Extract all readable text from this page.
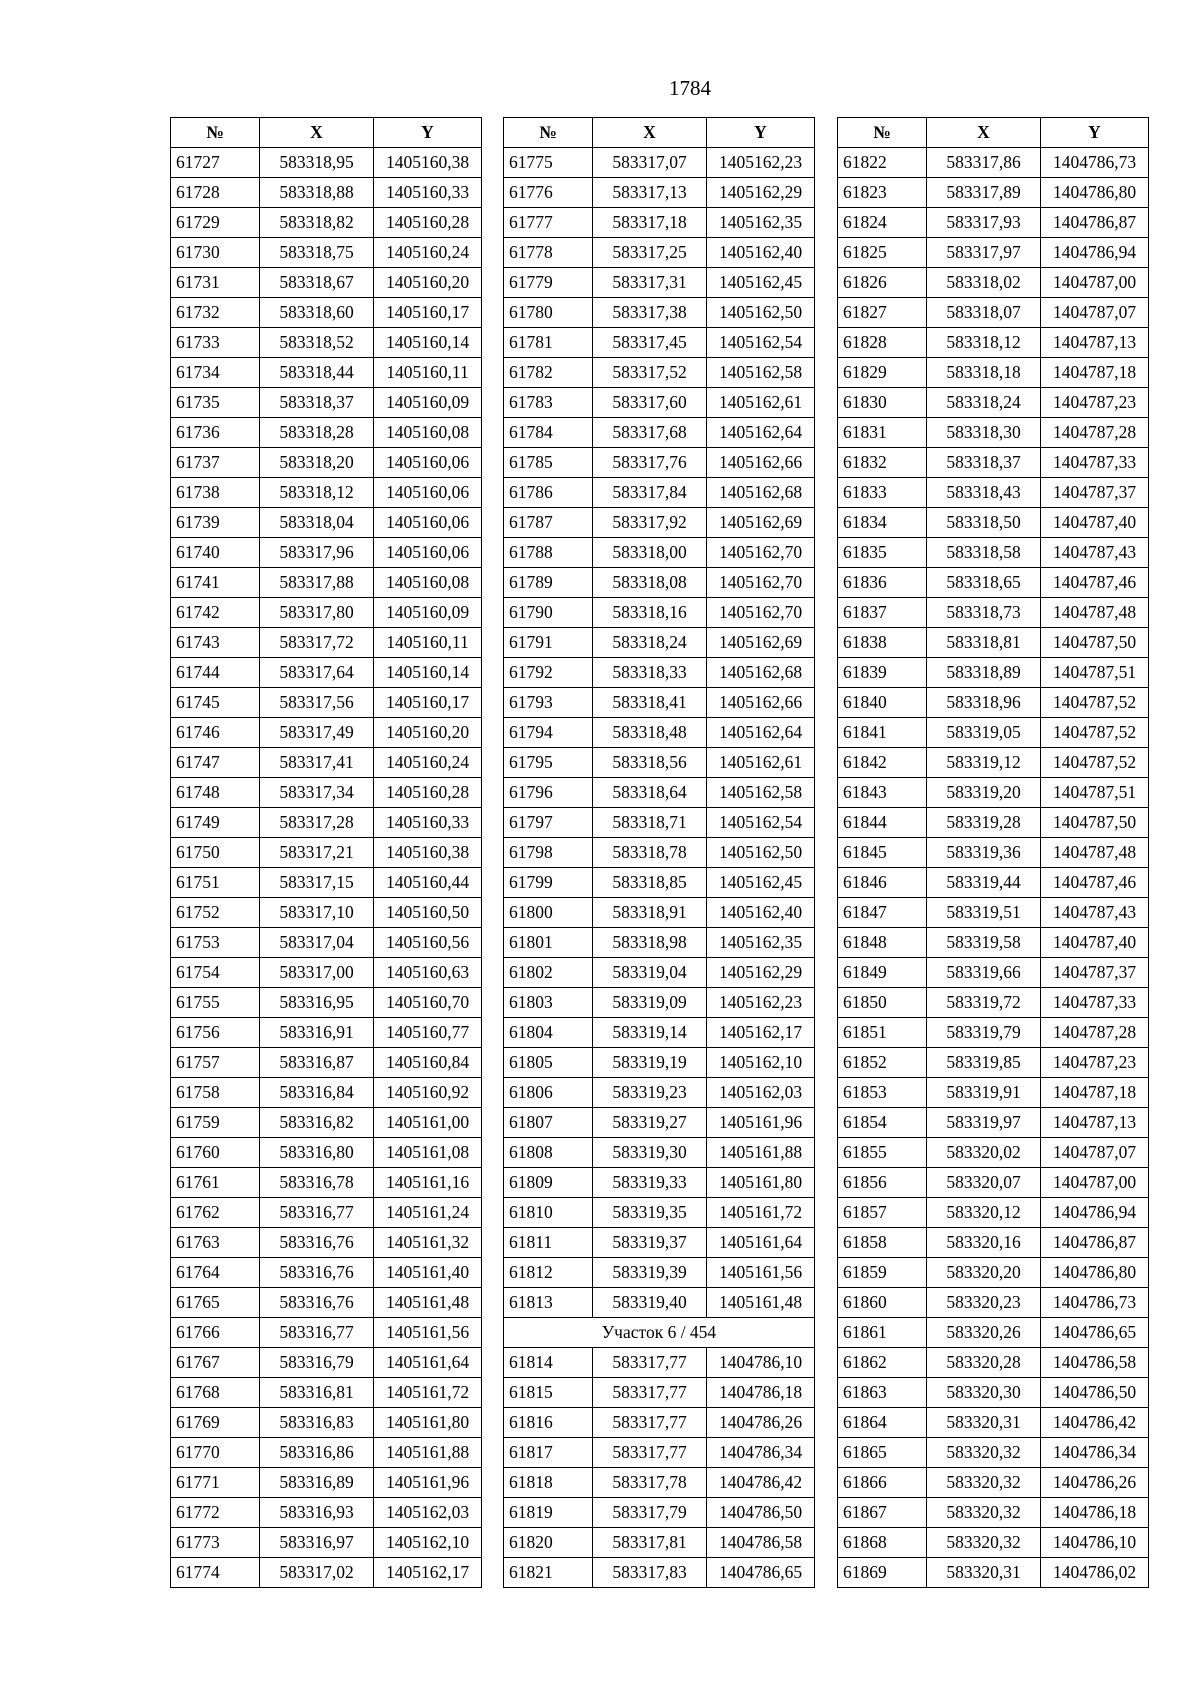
1784
№	X	Y
61727	583318,95	1405160,38
61728	583318,88	1405160,33
61729	583318,82	1405160,28
61730	583318,75	1405160,24
61731	583318,67	1405160,20
61732	583318,60	1405160,17
61733	583318,52	1405160,14
61734	583318,44	1405160,11
61735	583318,37	1405160,09
61736	583318,28	1405160,08
61737	583318,20	1405160,06
61738	583318,12	1405160,06
61739	583318,04	1405160,06
61740	583317,96	1405160,06
61741	583317,88	1405160,08
61742	583317,80	1405160,09
61743	583317,72	1405160,11
61744	583317,64	1405160,14
61745	583317,56	1405160,17
61746	583317,49	1405160,20
61747	583317,41	1405160,24
61748	583317,34	1405160,28
61749	583317,28	1405160,33
61750	583317,21	1405160,38
61751	583317,15	1405160,44
61752	583317,10	1405160,50
61753	583317,04	1405160,56
61754	583317,00	1405160,63
61755	583316,95	1405160,70
61756	583316,91	1405160,77
61757	583316,87	1405160,84
61758	583316,84	1405160,92
61759	583316,82	1405161,00
61760	583316,80	1405161,08
61761	583316,78	1405161,16
61762	583316,77	1405161,24
61763	583316,76	1405161,32
61764	583316,76	1405161,40
61765	583316,76	1405161,48
61766	583316,77	1405161,56
61767	583316,79	1405161,64
61768	583316,81	1405161,72
61769	583316,83	1405161,80
61770	583316,86	1405161,88
61771	583316,89	1405161,96
61772	583316,93	1405162,03
61773	583316,97	1405162,10
61774	583317,02	1405162,17
№	X	Y
61775	583317,07	1405162,23
61776	583317,13	1405162,29
61777	583317,18	1405162,35
61778	583317,25	1405162,40
61779	583317,31	1405162,45
61780	583317,38	1405162,50
61781	583317,45	1405162,54
61782	583317,52	1405162,58
61783	583317,60	1405162,61
61784	583317,68	1405162,64
61785	583317,76	1405162,66
61786	583317,84	1405162,68
61787	583317,92	1405162,69
61788	583318,00	1405162,70
61789	583318,08	1405162,70
61790	583318,16	1405162,70
61791	583318,24	1405162,69
61792	583318,33	1405162,68
61793	583318,41	1405162,66
61794	583318,48	1405162,64
61795	583318,56	1405162,61
61796	583318,64	1405162,58
61797	583318,71	1405162,54
61798	583318,78	1405162,50
61799	583318,85	1405162,45
61800	583318,91	1405162,40
61801	583318,98	1405162,35
61802	583319,04	1405162,29
61803	583319,09	1405162,23
61804	583319,14	1405162,17
61805	583319,19	1405162,10
61806	583319,23	1405162,03
61807	583319,27	1405161,96
61808	583319,30	1405161,88
61809	583319,33	1405161,80
61810	583319,35	1405161,72
61811	583319,37	1405161,64
61812	583319,39	1405161,56
61813	583319,40	1405161,48
Участок 6 / 454		
61814	583317,77	1404786,10
61815	583317,77	1404786,18
61816	583317,77	1404786,26
61817	583317,77	1404786,34
61818	583317,78	1404786,42
61819	583317,79	1404786,50
61820	583317,81	1404786,58
61821	583317,83	1404786,65
№	X	Y
61822	583317,86	1404786,73
61823	583317,89	1404786,80
61824	583317,93	1404786,87
61825	583317,97	1404786,94
61826	583318,02	1404787,00
61827	583318,07	1404787,07
61828	583318,12	1404787,13
61829	583318,18	1404787,18
61830	583318,24	1404787,23
61831	583318,30	1404787,28
61832	583318,37	1404787,33
61833	583318,43	1404787,37
61834	583318,50	1404787,40
61835	583318,58	1404787,43
61836	583318,65	1404787,46
61837	583318,73	1404787,48
61838	583318,81	1404787,50
61839	583318,89	1404787,51
61840	583318,96	1404787,52
61841	583319,05	1404787,52
61842	583319,12	1404787,52
61843	583319,20	1404787,51
61844	583319,28	1404787,50
61845	583319,36	1404787,48
61846	583319,44	1404787,46
61847	583319,51	1404787,43
61848	583319,58	1404787,40
61849	583319,66	1404787,37
61850	583319,72	1404787,33
61851	583319,79	1404787,28
61852	583319,85	1404787,23
61853	583319,91	1404787,18
61854	583319,97	1404787,13
61855	583320,02	1404787,07
61856	583320,07	1404787,00
61857	583320,12	1404786,94
61858	583320,16	1404786,87
61859	583320,20	1404786,80
61860	583320,23	1404786,73
61861	583320,26	1404786,65
61862	583320,28	1404786,58
61863	583320,30	1404786,50
61864	583320,31	1404786,42
61865	583320,32	1404786,34
61866	583320,32	1404786,26
61867	583320,32	1404786,18
61868	583320,32	1404786,10
61869	583320,31	1404786,02
